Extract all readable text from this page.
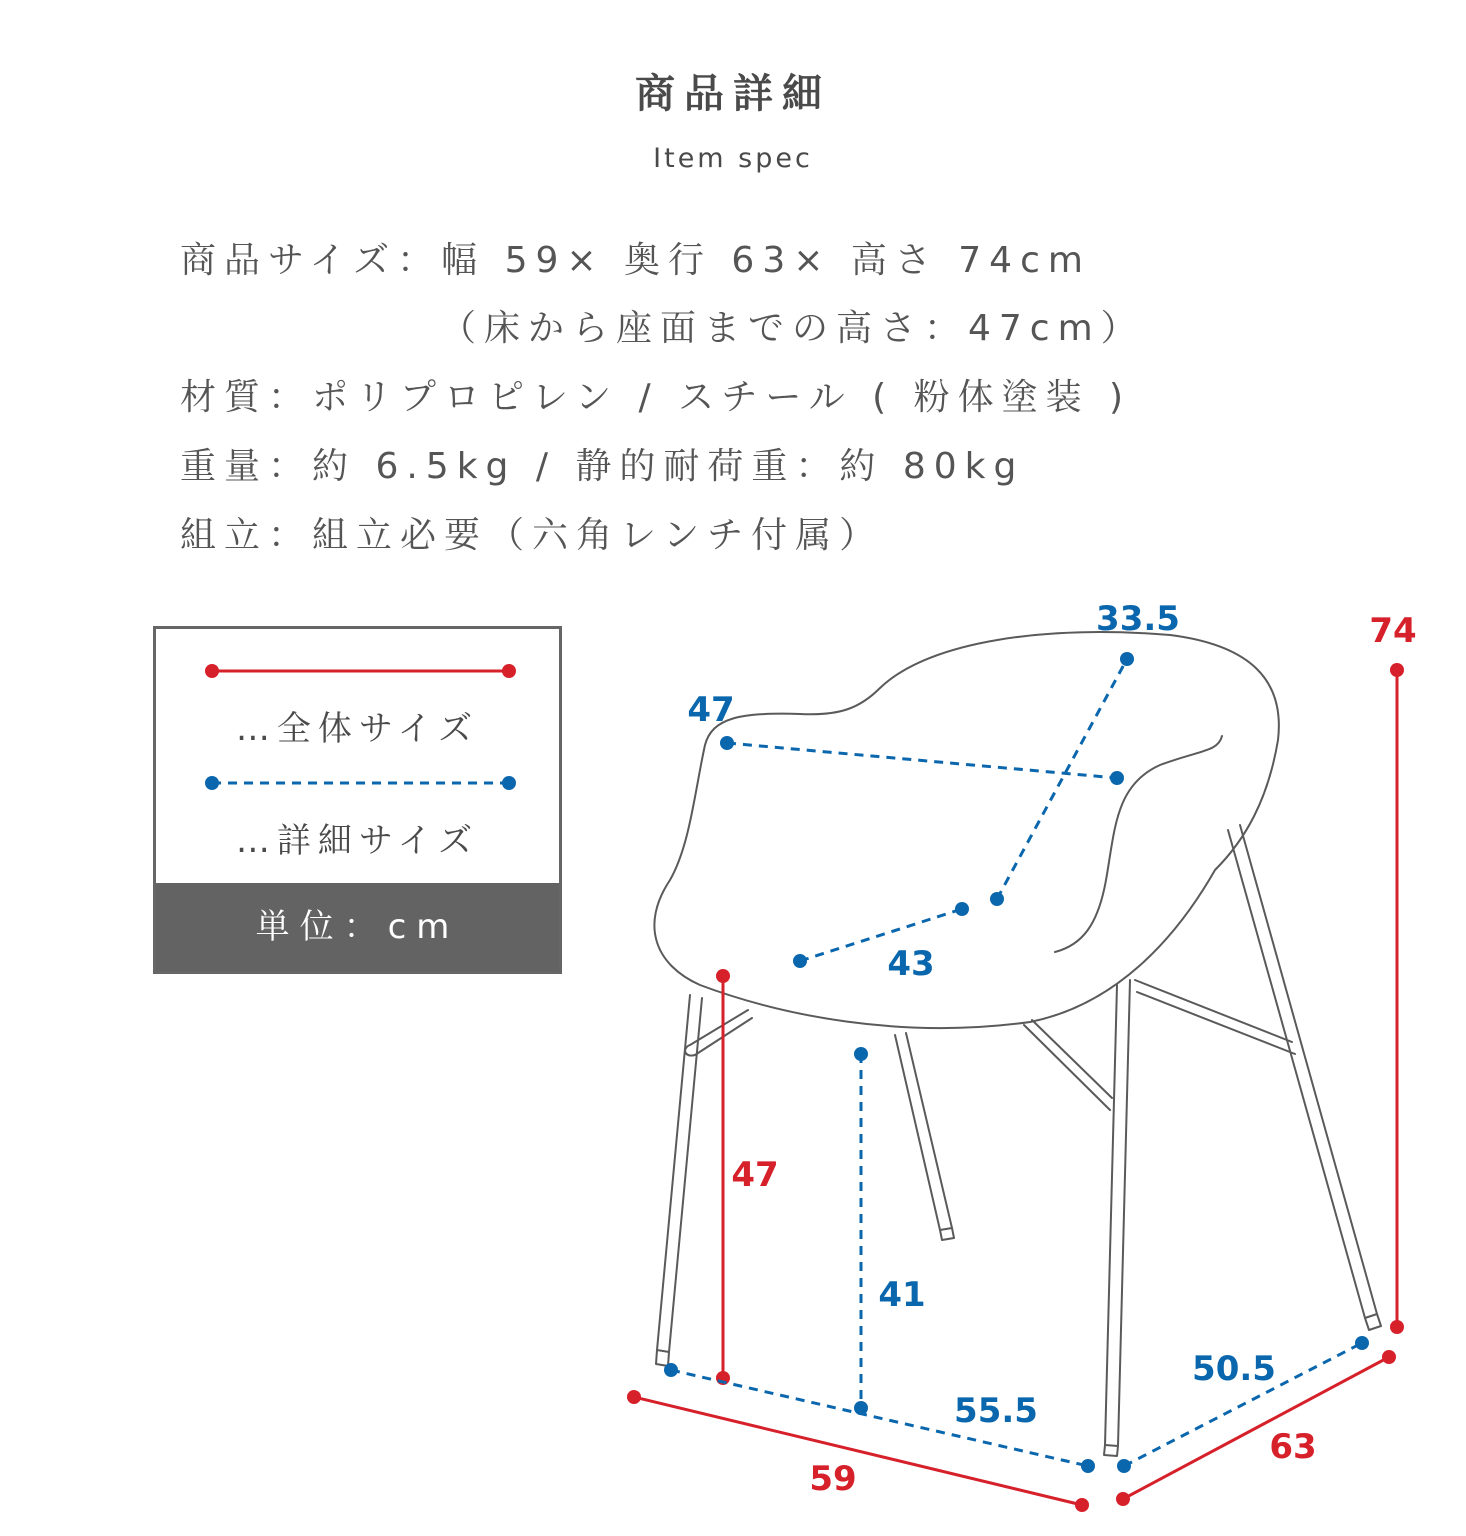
商品詳細
Item spec
商品サイズ：幅 59× 奥行 63× 高さ 74cm
（床から座面までの高さ：47cm）
材質：ポリプロピレン / スチール ( 粉体塗装 )
重量：約 6.5kg / 静的耐荷重：約 80kg
組立：組立必要（六角レンチ付属）
…全体サイズ
…詳細サイズ
単位：cm
74
47
59
63
33.5
47
43
41
55.5
50.5
